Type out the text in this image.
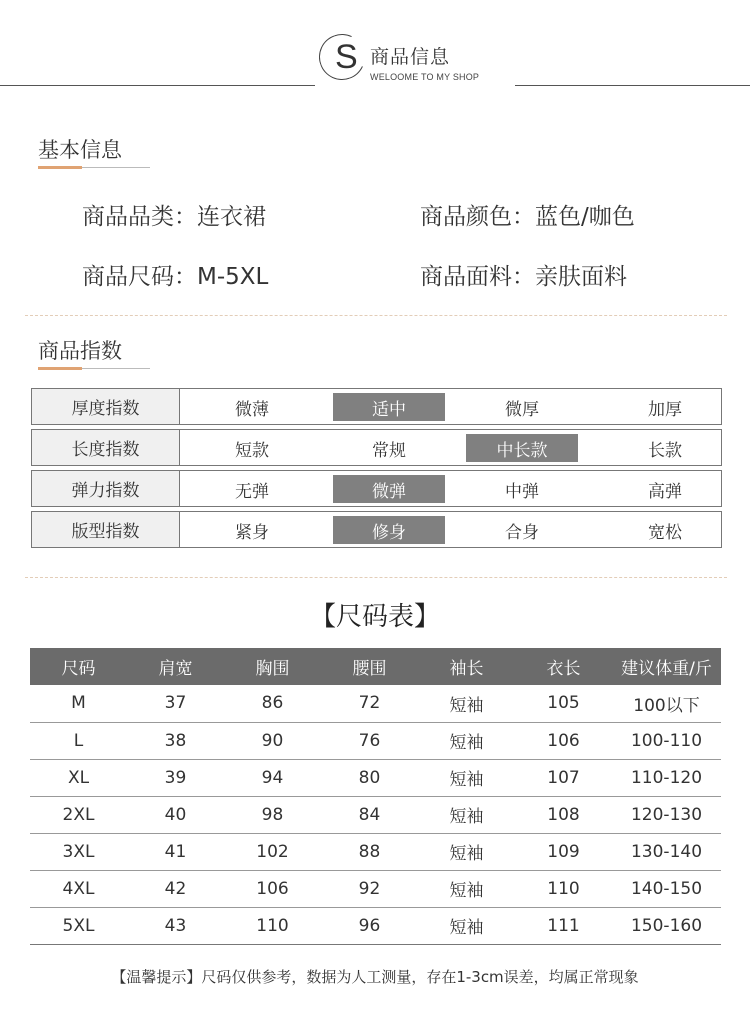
S 商品信息
WELOOME TO MY SHOP
基本信息
商品品类：连衣裙	商品颜色：蓝色/咖色
商品尺码：M-5XL	商品面料：亲肤面料
商品指数
厚度指数	微薄	适中	微厚	加厚
长度指数	短款	常规	中长款	长款
弹力指数	无弹	微弹	中弹	高弹
版型指数	紧身	修身	合身	宽松
【尺码表】
尺码	肩宽	胸围	腰围	袖长	衣长	建议体重/斤
M	37	86	72	短袖	105	100以下
L	38	90	76	短袖	106	100-110
XL	39	94	80	短袖	107	110-120
2XL	40	98	84	短袖	108	120-130
3XL	41	102	88	短袖	109	130-140
4XL	42	106	92	短袖	110	140-150
5XL	43	110	96	短袖	111	150-160
【温馨提示】尺码仅供参考，数据为人工测量，存在1-3cm误差，均属正常现象
